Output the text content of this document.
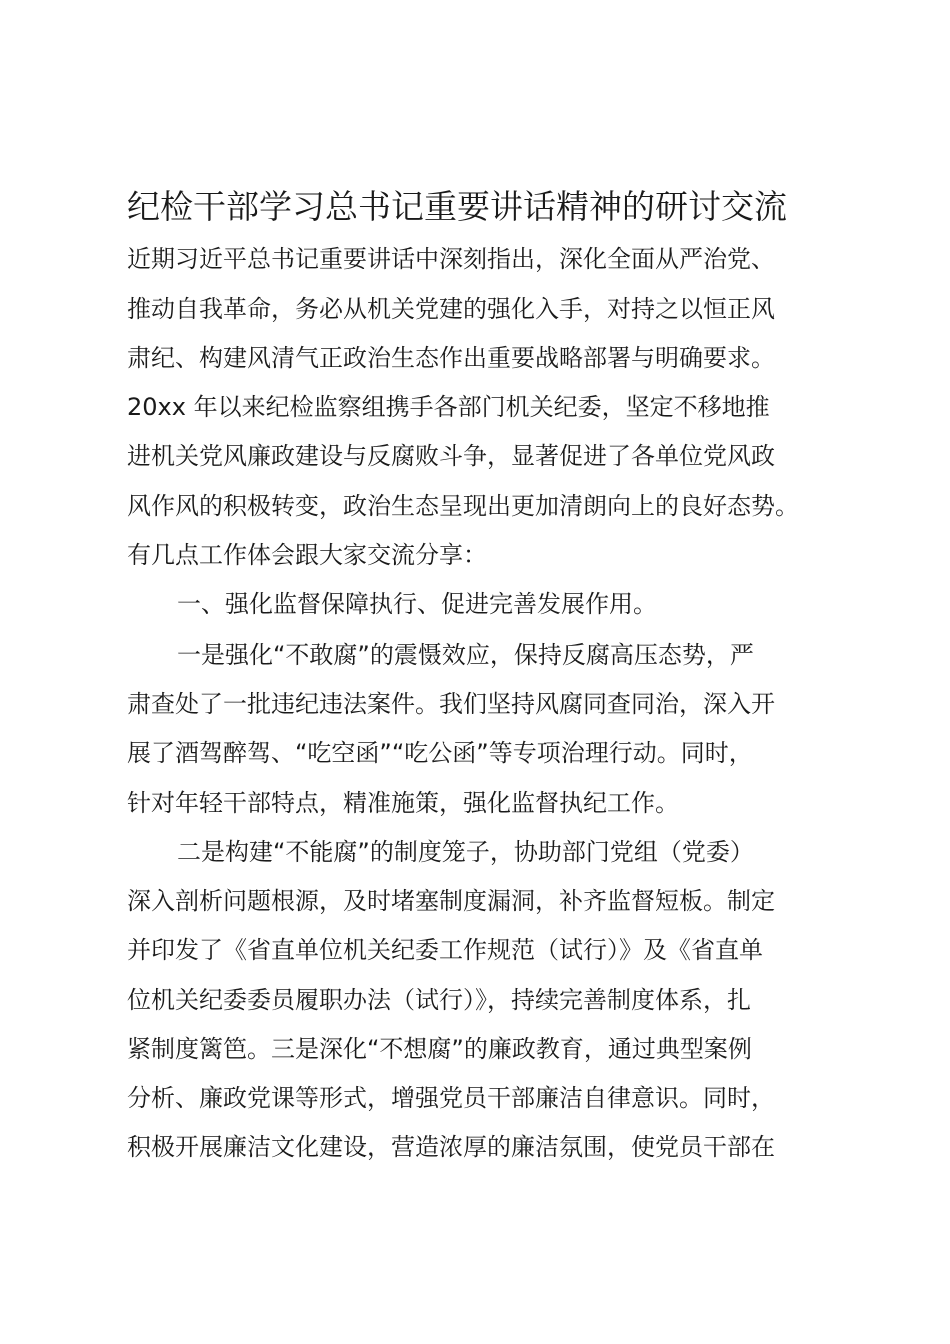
纪检干部学习总书记重要讲话精神的研讨交流

近期习近平总书记重要讲话中深刻指出，深化全面从严治党、

推动自我革命，务必从机关党建的强化入手，对持之以恒正风

肃纪、构建风清气正政治生态作出重要战略部署与明确要求。

20xx 年以来纪检监察组携手各部门机关纪委，坚定不移地推

进机关党风廉政建设与反腐败斗争，显著促进了各单位党风政

风作风的积极转变，政治生态呈现出更加清朗向上的良好态势。

有几点工作体会跟大家交流分享：

一、强化监督保障执行、促进完善发展作用。

一是强化“不敢腐”的震慑效应，保持反腐高压态势，严

肃查处了一批违纪违法案件。我们坚持风腐同查同治，深入开

展了酒驾醉驾、“吃空函”“吃公函”等专项治理行动。同时，

针对年轻干部特点，精准施策，强化监督执纪工作。

二是构建“不能腐”的制度笼子，协助部门党组（党委）

深入剖析问题根源，及时堵塞制度漏洞，补齐监督短板。制定

并印发了《省直单位机关纪委工作规范（试行）》及《省直单

位机关纪委委员履职办法（试行）》，持续完善制度体系，扎

紧制度篱笆。三是深化“不想腐”的廉政教育，通过典型案例

分析、廉政党课等形式，增强党员干部廉洁自律意识。同时，

积极开展廉洁文化建设，营造浓厚的廉洁氛围，使党员干部在
